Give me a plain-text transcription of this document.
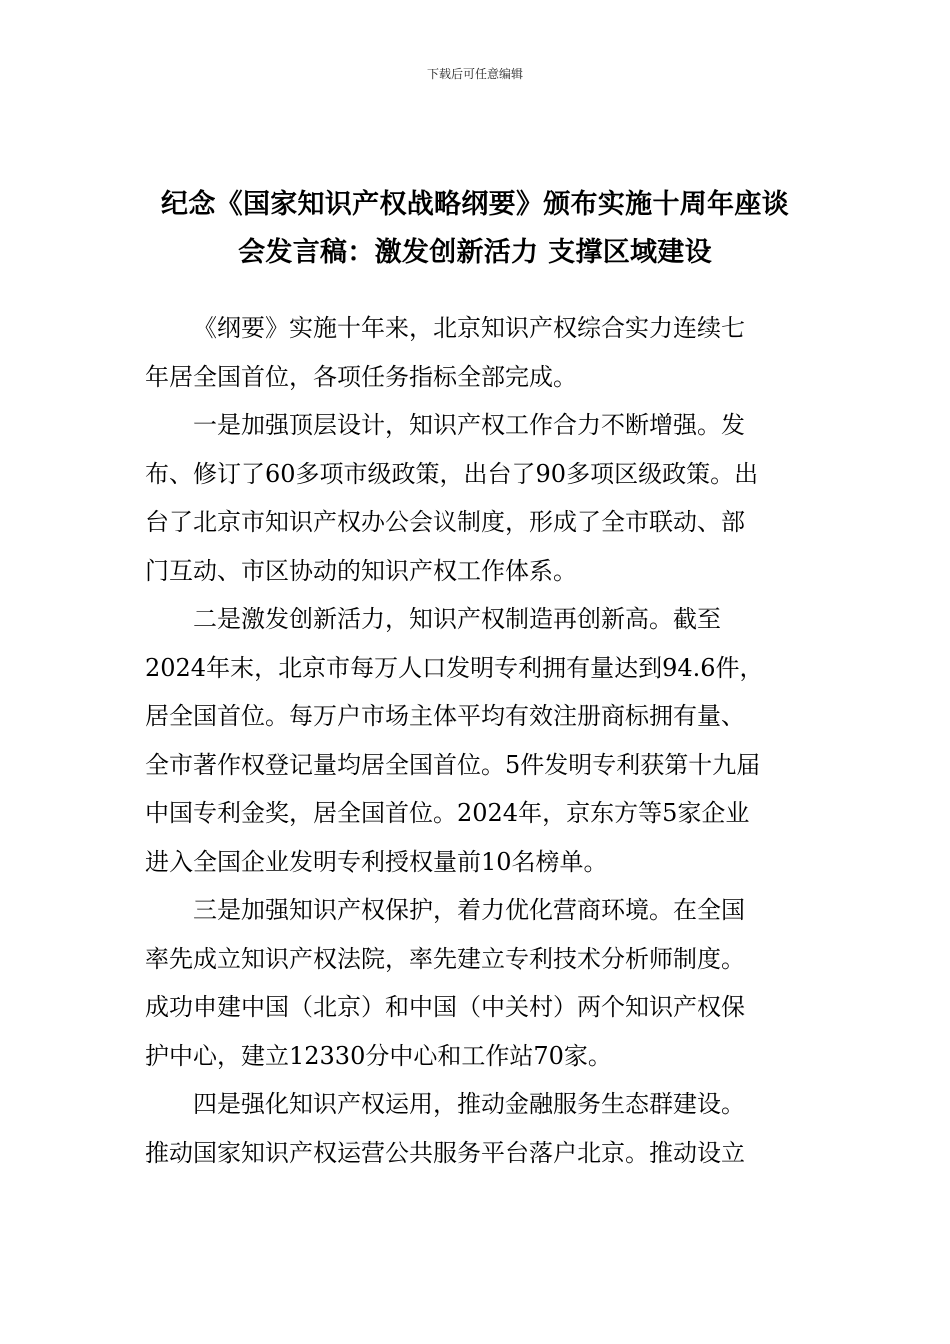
下载后可任意编辑
纪念《国家知识产权战略纲要》颁布实施十周年座谈
会发言稿：激发创新活力 支撑区域建设
《纲要》实施十年来，北京知识产权综合实力连续七
年居全国首位，各项任务指标全部完成。
一是加强顶层设计，知识产权工作合力不断增强。发
布、修订了60多项市级政策，出台了90多项区级政策。出
台了北京市知识产权办公会议制度，形成了全市联动、部
门互动、市区协动的知识产权工作体系。
二是激发创新活力，知识产权制造再创新高。截至
2024年末，北京市每万人口发明专利拥有量达到94.6件，
居全国首位。每万户市场主体平均有效注册商标拥有量、
全市著作权登记量均居全国首位。5件发明专利获第十九届
中国专利金奖，居全国首位。2024年，京东方等5家企业
进入全国企业发明专利授权量前10名榜单。
三是加强知识产权保护，着力优化营商环境。在全国
率先成立知识产权法院，率先建立专利技术分析师制度。
成功申建中国（北京）和中国（中关村）两个知识产权保
护中心，建立12330分中心和工作站70家。
四是强化知识产权运用，推动金融服务生态群建设。
推动国家知识产权运营公共服务平台落户北京。推动设立
